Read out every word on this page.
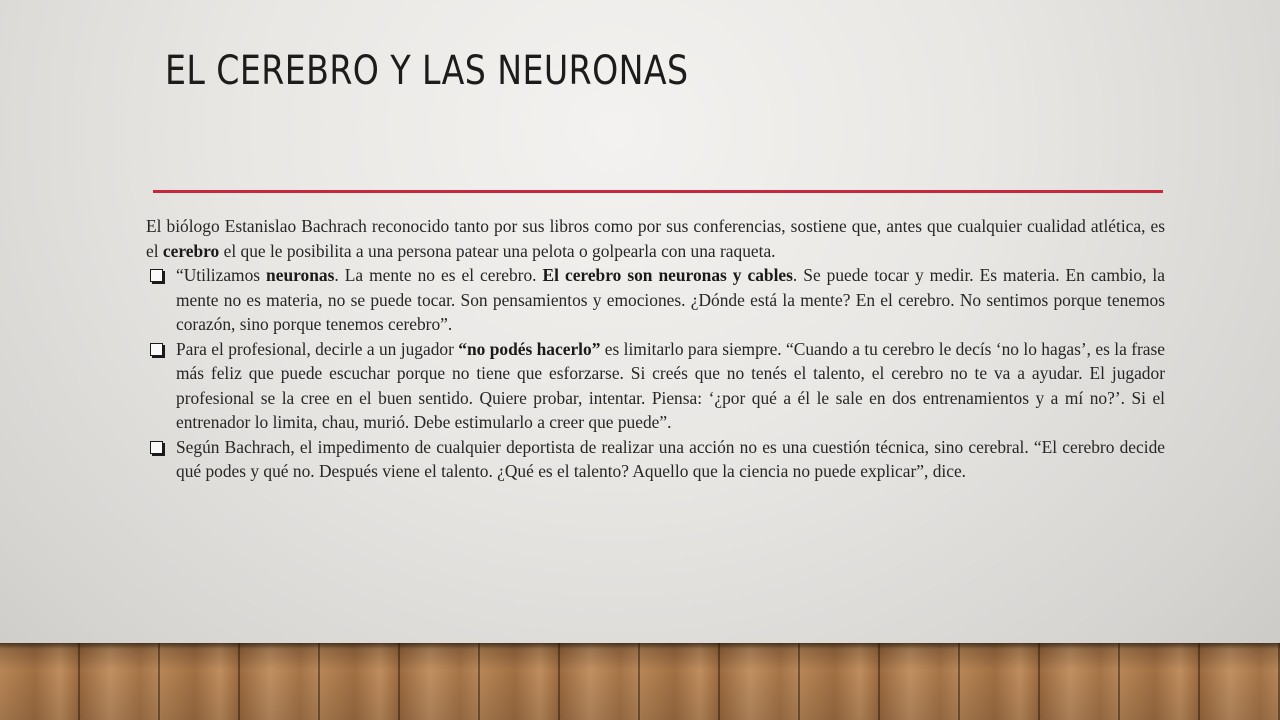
EL CEREBRO Y LAS NEURONAS

El biólogo Estanislao Bachrach reconocido tanto por sus libros como por sus conferencias, sostiene que, antes que cualquier cualidad atlética, es el cerebro el que le posibilita a una persona patear una pelota o golpearla con una raqueta.

“Utilizamos neuronas. La mente no es el cerebro. El cerebro son neuronas y cables. Se puede tocar y medir. Es materia. En cambio, la mente no es materia, no se puede tocar. Son pensamientos y emociones. ¿Dónde está la mente? En el cerebro. No sentimos porque tenemos corazón, sino porque tenemos cerebro”.
Para el profesional, decirle a un jugador “no podés hacerlo” es limitarlo para siempre. “Cuando a tu cerebro le decís ‘no lo hagas’, es la frase más feliz que puede escuchar porque no tiene que esforzarse. Si creés que no tenés el talento, el cerebro no te va a ayudar. El jugador profesional se la cree en el buen sentido. Quiere probar, intentar. Piensa: ‘¿por qué a él le sale en dos entrenamientos y a mí no?’. Si el entrenador lo limita, chau, murió. Debe estimularlo a creer que puede”.
Según Bachrach, el impedimento de cualquier deportista de realizar una acción no es una cuestión técnica, sino cerebral. “El cerebro decide qué podes y qué no. Después viene el talento. ¿Qué es el talento? Aquello que la ciencia no puede explicar”, dice.
